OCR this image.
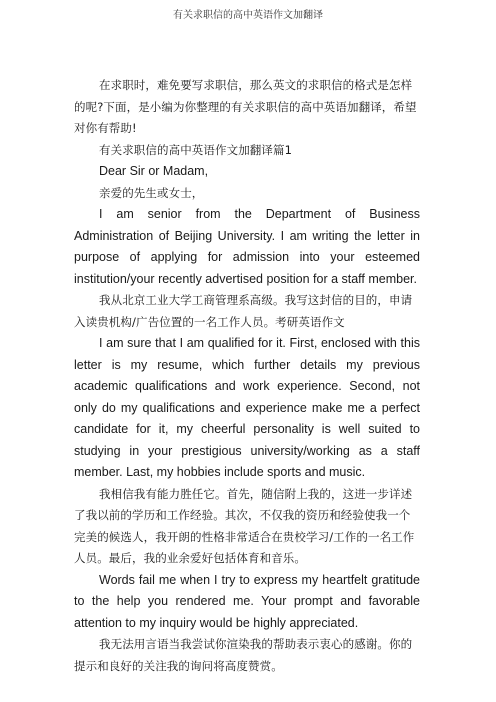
有关求职信的高中英语作文加翻译

在求职时，难免要写求职信，那么英文的求职信的格式是怎样的呢?下面，是小编为你整理的有关求职信的高中英语加翻译，希望对你有帮助!

有关求职信的高中英语作文加翻译篇1

Dear Sir or Madam,

亲爱的先生或女士，

I am senior from the Department of Business Administration of Beijing University. I am writing the letter in purpose of applying for admission into your esteemed institution/your recently advertised position for a staff member.

我从北京工业大学工商管理系高级。我写这封信的目的，申请入读贵机构/广告位置的一名工作人员。考研英语作文

I am sure that I am qualified for it. First, enclosed with this letter is my resume, which further details my previous academic qualifications and work experience. Second, not only do my qualifications and experience make me a perfect candidate for it, my cheerful personality is well suited to studying in your prestigious university/working as a staff member. Last, my hobbies include sports and music.

我相信我有能力胜任它。首先，随信附上我的，这进一步详述了我以前的学历和工作经验。其次，不仅我的资历和经验使我一个完美的候选人，我开朗的性格非常适合在贵校学习/工作的一名工作人员。最后，我的业余爱好包括体育和音乐。

Words fail me when I try to express my heartfelt gratitude to the help you rendered me. Your prompt and favorable attention to my inquiry would be highly appreciated.

我无法用言语当我尝试你渲染我的帮助表示衷心的感谢。你的提示和良好的关注我的询问将高度赞赏。
